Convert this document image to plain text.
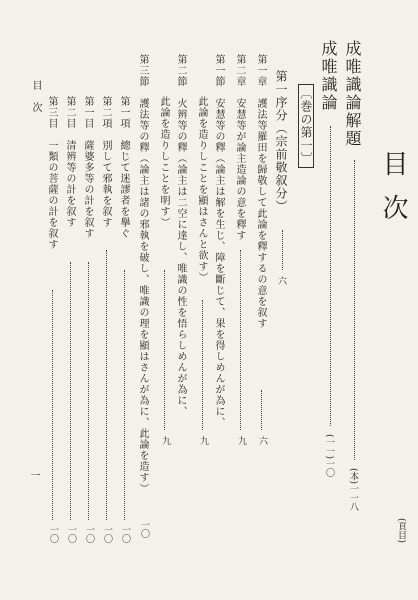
目次
(頁目)
目次
一
成唯識論解題
(本)一一八
成唯識論
(一一)一〇
〔巻の第一〕
第一序分（宗前敬叙分）
六
第一章　護法等羅田を歸敬して此論を釋するの意を叙す
六
第二章　安慧等が論主造論の意を釋す
九
第一節　安慧等の釋（論主は解を生じ、障を斷じて、果を得しめんが為に、
此論を造りしことを顯はさんと欲す）
九
第二節　火辨等の釋（論主は二空に達し、唯識の性を悟らしめんが為に、
此論を造りしことを明す）
九
第三節　護法等の釋（論主は諸の邪執を破し、唯識の理を顯はさんが為に、此論を造す）
一〇
第一項　總じて迷謬者を擧ぐ
一〇
第二項　別して邪執を叙す
一〇
第一目　薩婆多等の計を叙す
一〇
第二目　清辨等の計を叙す
一〇
第三目　一類の菩薩の計を叙す
一〇
